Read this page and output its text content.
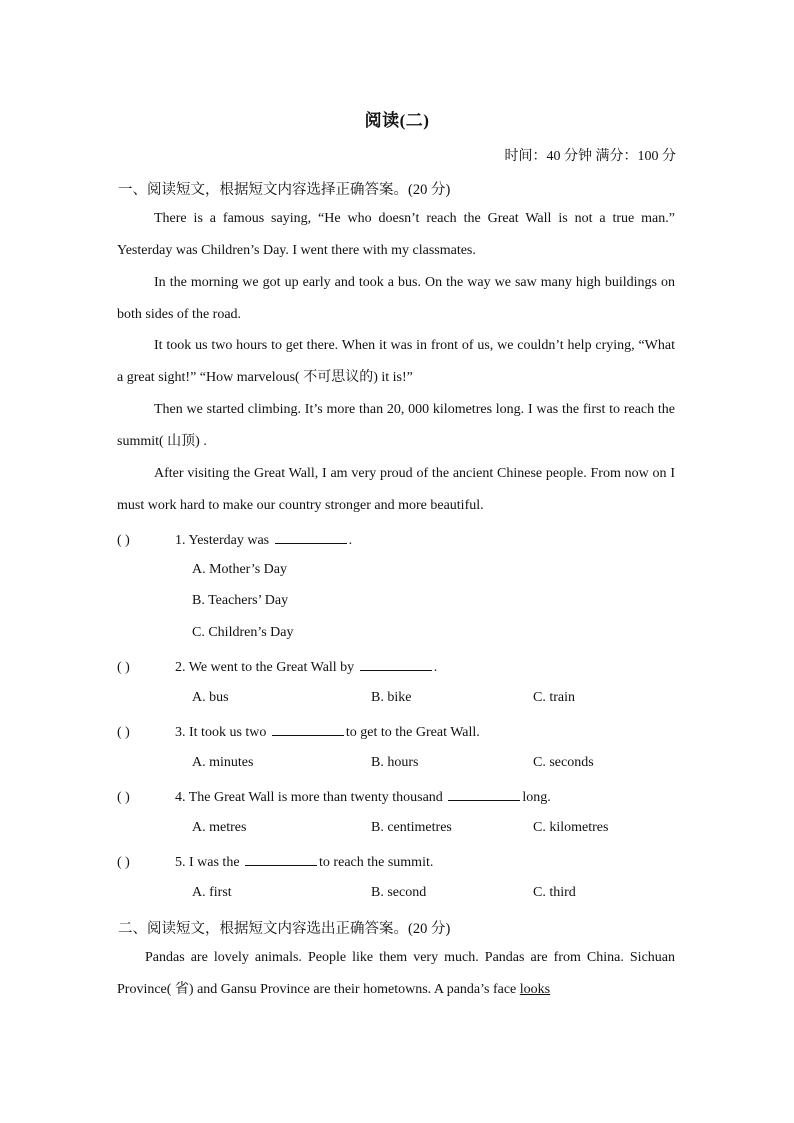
阅读(二)
时间：40 分钟 满分：100 分
一、阅读短文，根据短文内容选择正确答案。(20 分)
There is a famous saying, “He who doesn’t reach the Great Wall is not a true man.” Yesterday was Children’s Day. I went there with my classmates.
In the morning we got up early and took a bus. On the way we saw many high buildings on both sides of the road.
It took us two hours to get there. When it was in front of us, we couldn’t help crying, “What a great sight!” “How marvelous( 不可思议的) it is!”
Then we started climbing. It’s more than 20, 000 kilometres long. I was the first to reach the summit( 山顶) .
After visiting the Great Wall, I am very proud of the ancient Chinese people. From now on I must work hard to make our country stronger and more beautiful.
( )	1. Yesterday was	.
A. Mother’s Day
B. Teachers’ Day
C. Children’s Day
( )	2. We went to the Great Wall by	.
A. bus	B. bike	C. train
( )	3. It took us two	to get to the Great Wall.
A. minutes	B. hours	C. seconds
( )	4. The Great Wall is more than twenty thousand	long.
A. metres	B. centimetres	C. kilometres
( )	5. I was the	to reach the summit.
A. first	B. second	C. third
二、阅读短文，根据短文内容选出正确答案。(20 分)
Pandas are lovely animals. People like them very much. Pandas are from China. Sichuan Province( 省) and Gansu Province are their hometowns. A panda’s face looks
